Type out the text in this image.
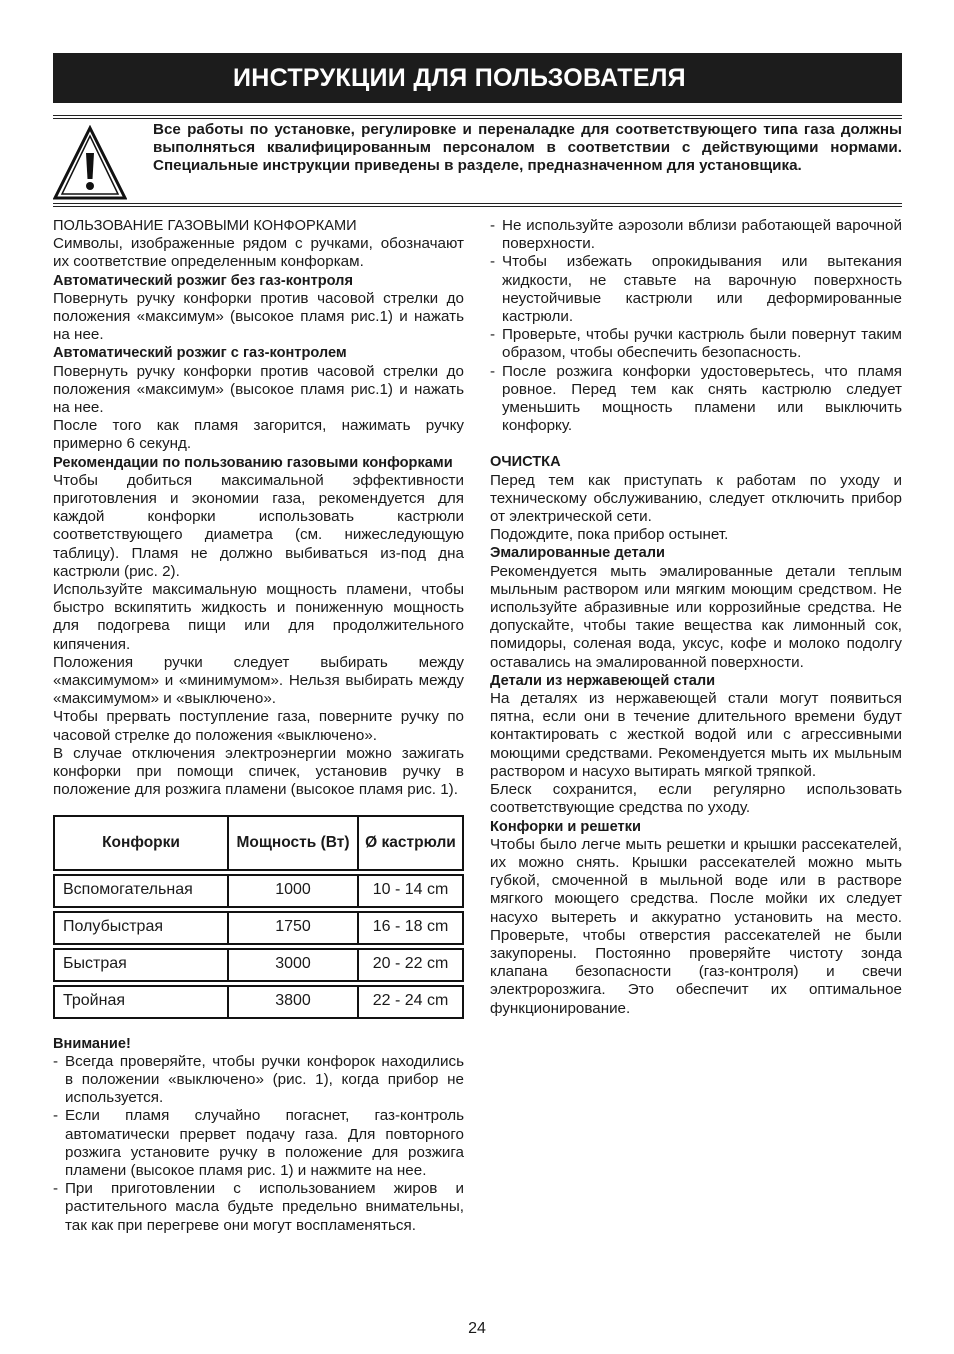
ИНСТРУКЦИИ ДЛЯ ПОЛЬЗОВАТЕЛЯ
Все работы по установке, регулировке и переналадке для соответствующего типа газа должны выполняться квалифицированным персоналом в соответствии с действующими нормами. Специальные инструкции приведены в разделе, предназначенном для установщика.

ПОЛЬЗОВАНИЕ ГАЗОВЫМИ КОНФОРКАМИ

Символы, изображенные рядом с ручками, обозначают их соответствие определенным конфоркам.

Автоматический розжиг без газ-контроля

Повернуть ручку конфорки против часовой стрелки до положения «максимум» (высокое пламя рис.1) и нажать на нее.

Автоматический розжиг с газ-контролем

Повернуть ручку конфорки против часовой стрелки до положения «максимум» (высокое пламя рис.1) и нажать на нее.

После того как пламя загорится, нажимать ручку примерно 6 секунд.

Рекомендации по пользованию газовыми конфорками

Чтобы добиться максимальной эффективности приготовления и экономии газа, рекомендуется для каждой конфорки использовать кастрюли соответствующего диаметра (см. нижеследующую таблицу). Пламя не должно выбиваться из-под дна кастрюли (рис. 2).

Используйте максимальную мощность пламени, чтобы быстро вскипятить жидкость и пониженную мощность для подогрева пищи или для продолжительного кипячения.

Положения ручки следует выбирать между «максимумом» и «минимумом». Нельзя выбирать между «максимумом» и «выключено».

Чтобы прервать поступление газа, поверните ручку по часовой стрелке до положения «выключено».

В случае отключения электроэнергии можно зажигать конфорки при помощи спичек, установив ручку в положение для розжига пламени (высокое пламя рис. 1).

Конфорки	Мощность (Вт)	Ø кастрюли

Вспомогательная	1000	10 - 14 cm

Полубыстрая	1750	16 - 18 cm

Быстрая	3000	20 - 22 cm

Тройная	3800	22 - 24 cm

Внимание!

- Всегда проверяйте, чтобы ручки конфорок находились в положении «выключено» (рис. 1), когда прибор не используется.
- Если пламя случайно погаснет, газ-контроль автоматически прервет подачу газа. Для повторного розжига установите ручку в положение для розжига пламени (высокое пламя рис. 1) и нажмите на нее.
- При приготовлении с использованием жиров и растительного масла будьте предельно внимательны, так как при перегреве они могут воспламеняться.
- Не используйте аэрозоли вблизи работающей варочной поверхности.
- Чтобы избежать опрокидывания или вытекания жидкости, не ставьте на варочную поверхность неустойчивые кастрюли или деформированные кастрюли.
- Проверьте, чтобы ручки кастрюль были повернут таким образом, чтобы обеспечить безопасность.
- После розжига конфорки удостоверьтесь, что пламя ровное. Перед тем как снять кастрюлю следует уменьшить мощность пламени или выключить конфорку.

ОЧИСТКА

Перед тем как приступать к работам по уходу и техническому обслуживанию, следует отключить прибор от электрической сети.

Подождите, пока прибор остынет.

Эмалированные детали

Рекомендуется мыть эмалированные детали теплым мыльным раствором или мягким моющим средством. Не используйте абразивные или коррозийные средства. Не допускайте, чтобы такие вещества как лимонный сок, помидоры, соленая вода, уксус, кофе и молоко подолгу оставались на эмалированной поверхности.

Детали из нержавеющей стали

На деталях из нержавеющей стали могут появиться пятна, если они в течение длительного времени будут контактировать с жесткой водой или с агрессивными моющими средствами. Рекомендуется мыть их мыльным раствором и насухо вытирать мягкой тряпкой.

Блеск сохранится, если регулярно использовать соответствующие средства по уходу.

Конфорки и решетки

Чтобы было легче мыть решетки и крышки рассекателей, их можно снять. Крышки рассекателей можно мыть губкой, смоченной в мыльной воде или в растворе мягкого моющего средства. После мойки их следует насухо вытереть и аккуратно установить на место. Проверьте, чтобы отверстия рассекателей не были закупорены. Постоянно проверяйте чистоту зонда клапана безопасности (газ-контроля) и свечи электророзжига. Это обеспечит их оптимальное функционирование.

24
